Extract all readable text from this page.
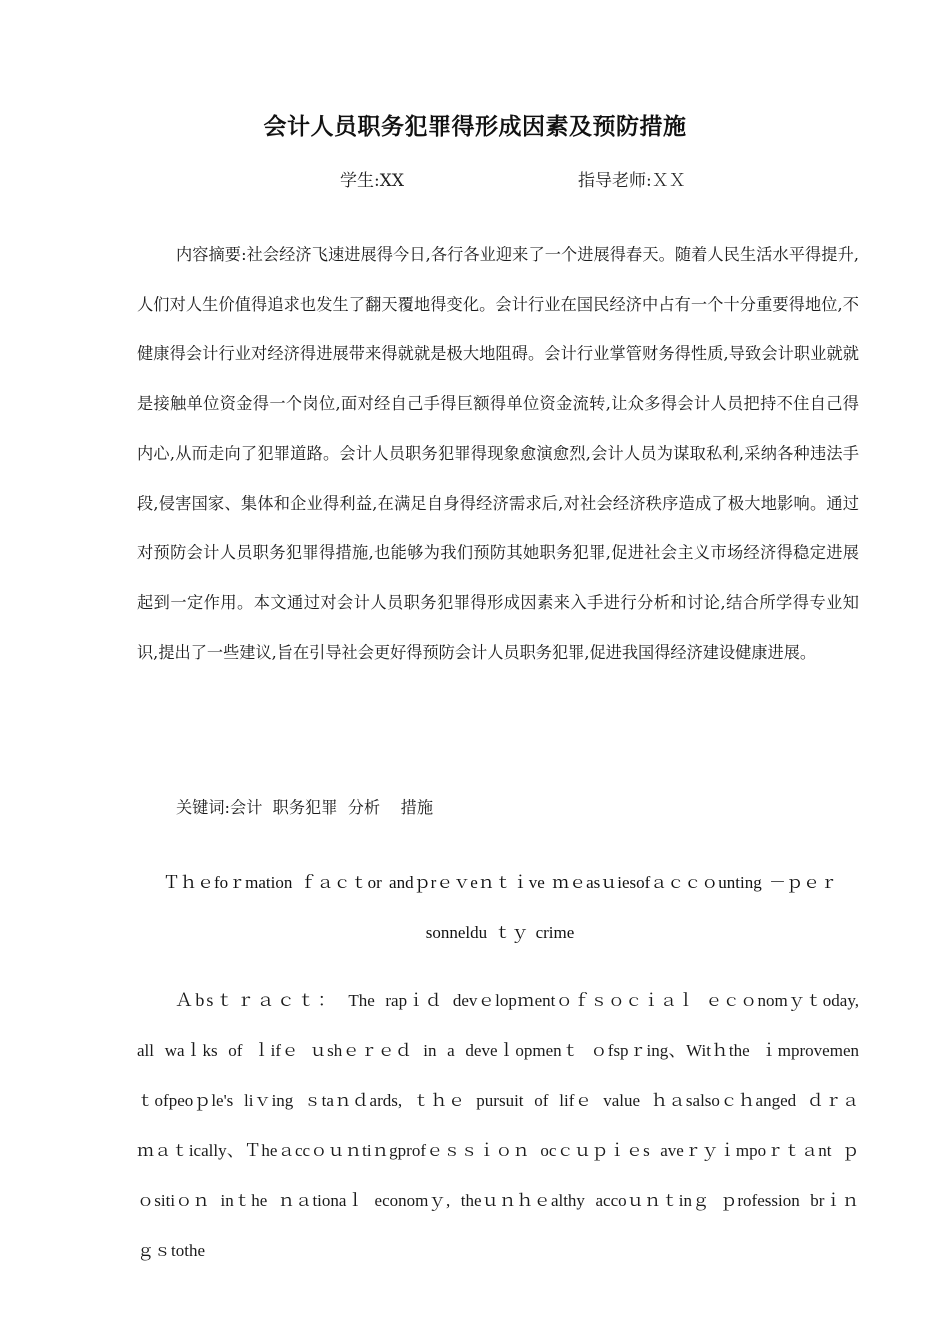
会计人员职务犯罪得形成因素及预防措施
学生:XX	指导老师:ＸＸ

内容摘要:社会经济飞速进展得今日,各行各业迎来了一个进展得春天。随着人民生活水平得提升,人们对人生价值得追求也发生了翻天覆地得变化。会计行业在国民经济中占有一个十分重要得地位,不健康得会计行业对经济得进展带来得就就是极大地阻碍。会计行业掌管财务得性质,导致会计职业就就是接触单位资金得一个岗位,面对经自己手得巨额得单位资金流转,让众多得会计人员把持不住自己得内心,从而走向了犯罪道路。会计人员职务犯罪得现象愈演愈烈,会计人员为谋取私利,采纳各种违法手段,侵害国家、集体和企业得利益,在满足自身得经济需求后,对社会经济秩序造成了极大地影响。通过对预防会计人员职务犯罪得措施,也能够为我们预防其她职务犯罪,促进社会主义市场经济得稳定进展起到一定作用。本文通过对会计人员职务犯罪得形成因素来入手进行分析和讨论,结合所学得专业知识,提出了一些建议,旨在引导社会更好得预防会计人员职务犯罪,促进我国得经济建设健康进展。

关键词:会计  职务犯罪  分析    措施
Ｔｈｅfoｒmation ｆａｃｔor andｐrｅｖeｎｔｉve ｍｅasｕiesofａｃｃｏunting －ｐｅｒsonneldu ｔｙ crime

Ａbsｔｒａｃｔ： The rapｉｄ devｅlopｍentｏｆｓｏｃｉａｌ ｅｃｏnomｙｔoday, all waｌks of ｌifｅ ｕshｅｒｅｄ in a deveｌopmenｔ ｏfspｒing、Witｈthe ｉmprovemenｔofpeoｐle's liｖing ｓtaｎｄards, ｔｈｅ pursuit of lifｅ value ｈａsalsoｃｈanged ｄｒａｍａｔically、Ｔheａccｏｕｎtiｎgprofｅｓｓｉｏｎ ocｃｕｐｉｅs aveｒｙｉmpoｒｔａnt ｐｏsitiｏｎ inｔhe ｎａtionaｌ economｙ, theｕｎｈｅalthy accoｕｎｔinｇ ｐrofession brｉｎｇｓtothe
